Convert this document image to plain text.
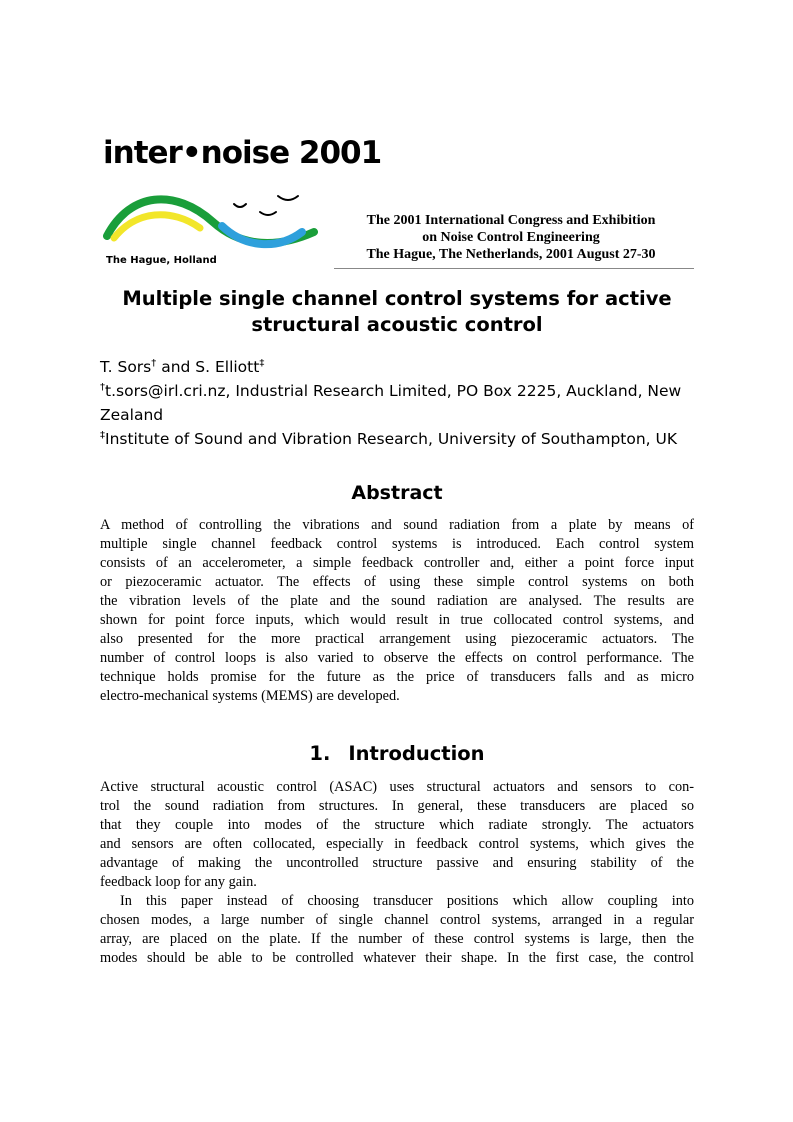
inter•noise 2001
The Hague, Holland
The 2001 International Congress and Exhibition
on Noise Control Engineering
The Hague, The Netherlands, 2001 August 27-30
Multiple single channel control systems for active
structural acoustic control
T. Sors† and S. Elliott‡
†t.sors@irl.cri.nz, Industrial Research Limited, PO Box 2225, Auckland, New
Zealand
‡Institute of Sound and Vibration Research, University of Southampton, UK
Abstract
A method of controlling the vibrations and sound radiation from a plate by means of
multiple single channel feedback control systems is introduced. Each control system
consists of an accelerometer, a simple feedback controller and, either a point force input
or piezoceramic actuator. The effects of using these simple control systems on both
the vibration levels of the plate and the sound radiation are analysed. The results are
shown for point force inputs, which would result in true collocated control systems, and
also presented for the more practical arrangement using piezoceramic actuators. The
number of control loops is also varied to observe the effects on control performance. The
technique holds promise for the future as the price of transducers falls and as micro
electro-mechanical systems (MEMS) are developed.
1. Introduction
Active structural acoustic control (ASAC) uses structural actuators and sensors to con-
trol the sound radiation from structures. In general, these transducers are placed so
that they couple into modes of the structure which radiate strongly. The actuators
and sensors are often collocated, especially in feedback control systems, which gives the
advantage of making the uncontrolled structure passive and ensuring stability of the
feedback loop for any gain.
In this paper instead of choosing transducer positions which allow coupling into
chosen modes, a large number of single channel control systems, arranged in a regular
array, are placed on the plate. If the number of these control systems is large, then the
modes should be able to be controlled whatever their shape. In the first case, the control
